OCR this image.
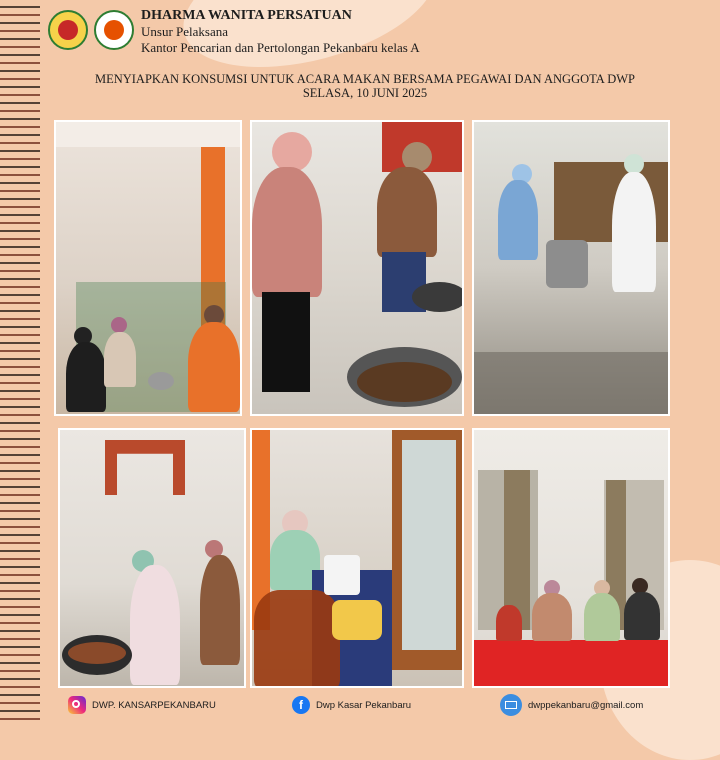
DHARMA WANITA PERSATUAN
Unsur Pelaksana
Kantor Pencarian dan Pertolongan Pekanbaru kelas A
MENYIAPKAN KONSUMSI UNTUK ACARA MAKAN BERSAMA PEGAWAI DAN ANGGOTA DWP
SELASA, 10 JUNI 2025
DWP. KANSARPEKANBARU	f	Dwp Kasar Pekanbaru	dwppekanbaru@gmail.com
